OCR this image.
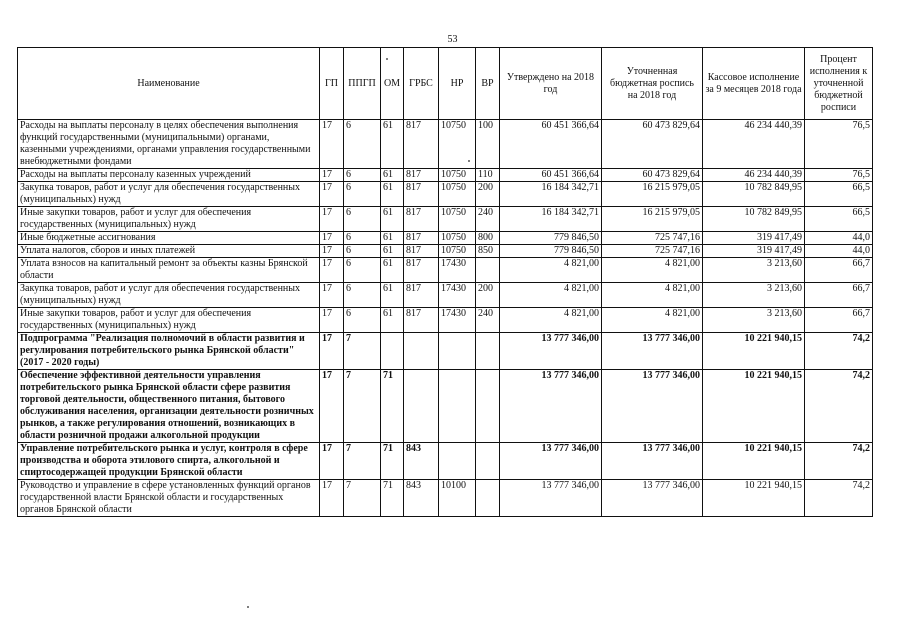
53
Наименование	ГП	ППГП	ОМ	ГРБС	НР	ВР	Утверждено на 2018 год	Уточненная бюджетная роспись на 2018 год	Кассовое исполнение за 9 месяцев 2018 года	Процент исполнения к уточненной бюджетной росписи
Расходы на выплаты персоналу в целях обеспечения выполнения функций государственными (муниципальными) органами, казенными учреждениями, органами управления государственными внебюджетными фондами	17	6	61	817	10750	100	60 451 366,64	60 473 829,64	46 234 440,39	76,5
Расходы на выплаты персоналу казенных учреждений	17	6	61	817	10750	110	60 451 366,64	60 473 829,64	46 234 440,39	76,5
Закупка товаров, работ и услуг для обеспечения государственных (муниципальных) нужд	17	6	61	817	10750	200	16 184 342,71	16 215 979,05	10 782 849,95	66,5
Иные закупки товаров, работ и услуг для обеспечения государственных (муниципальных) нужд	17	6	61	817	10750	240	16 184 342,71	16 215 979,05	10 782 849,95	66,5
Иные бюджетные ассигнования	17	6	61	817	10750	800	779 846,50	725 747,16	319 417,49	44,0
Уплата налогов, сборов и иных платежей	17	6	61	817	10750	850	779 846,50	725 747,16	319 417,49	44,0
Уплата взносов на капитальный ремонт за объекты казны Брянской области	17	6	61	817	17430		4 821,00	4 821,00	3 213,60	66,7
Закупка товаров, работ и услуг для обеспечения государственных (муниципальных) нужд	17	6	61	817	17430	200	4 821,00	4 821,00	3 213,60	66,7
Иные закупки товаров, работ и услуг для обеспечения государственных (муниципальных) нужд	17	6	61	817	17430	240	4 821,00	4 821,00	3 213,60	66,7
Подпрограмма "Реализация полномочий в области развития и регулирования потребительского рынка Брянской области" (2017 - 2020 годы)	17	7					13 777 346,00	13 777 346,00	10 221 940,15	74,2
Обеспечение эффективной деятельности управления потребительского рынка Брянской области сфере развития торговой деятельности, общественного питания, бытового обслуживания населения, организации деятельности розничных рынков, а также регулирования отношений, возникающих в области розничной продажи алкогольной продукции	17	7	71				13 777 346,00	13 777 346,00	10 221 940,15	74,2
Управление потребительского рынка и услуг, контроля в сфере производства и оборота этилового спирта, алкогольной и спиртосодержащей продукции Брянской области	17	7	71	843			13 777 346,00	13 777 346,00	10 221 940,15	74,2
Руководство и управление в сфере установленных функций органов государственной власти Брянской области и государственных органов Брянской области	17	7	71	843	10100		13 777 346,00	13 777 346,00	10 221 940,15	74,2
